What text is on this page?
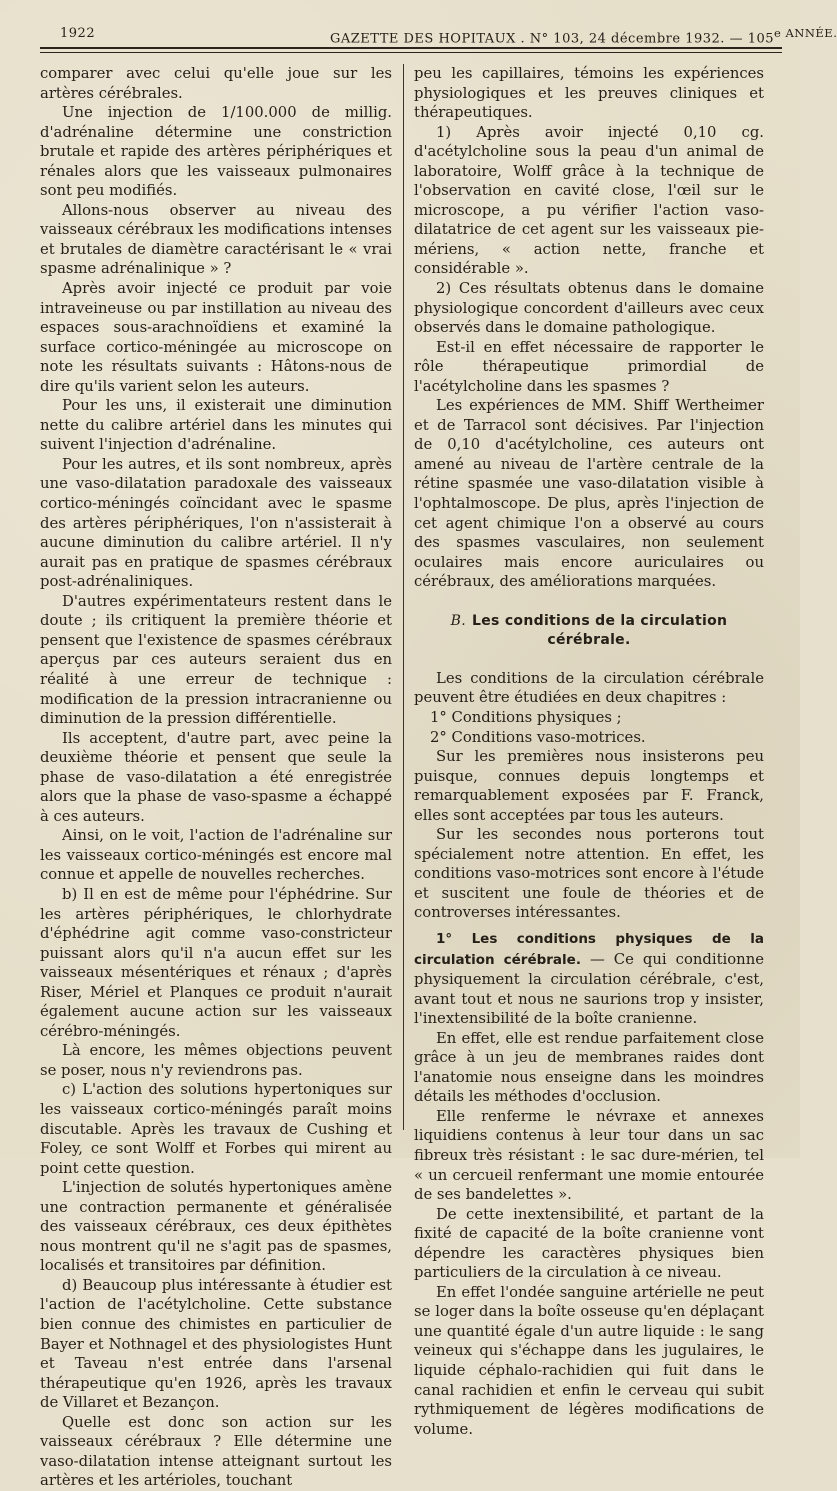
1922	GAZETTE DES HOPITAUX . N° 103, 24 décembre 1932. — $105^{e ANNÉE.}$

comparer avec celui qu'elle joue sur les artères cérébrales.

Une injection de 1/100.000 de millig. d'adrénaline détermine une constriction brutale et rapide des artères périphériques et rénales alors que les vaisseaux pulmonaires sont peu modifiés.

Allons-nous observer au niveau des vaisseaux cérébraux les modifications intenses et brutales de diamètre caractérisant le « vrai spasme adrénalinique » ?

Après avoir injecté ce produit par voie intraveineuse ou par instillation au niveau des espaces sous-arachnoïdiens et examiné la surface cortico-méningée au microscope on note les résultats suivants : Hâtons-nous de dire qu'ils varient selon les auteurs.

Pour les uns, il existerait une diminution nette du calibre artériel dans les minutes qui suivent l'injection d'adrénaline.

Pour les autres, et ils sont nombreux, après une vaso-dilatation paradoxale des vaisseaux cortico-méningés coïncidant avec le spasme des artères périphériques, l'on n'assisterait à aucune diminution du calibre artériel. Il n'y aurait pas en pratique de spasmes cérébraux post-adrénaliniques.

D'autres expérimentateurs restent dans le doute ; ils critiquent la première théorie et pensent que l'existence de spasmes cérébraux aperçus par ces auteurs seraient dus en réalité à une erreur de technique : modification de la pression intracranienne ou diminution de la pression différentielle.

Ils acceptent, d'autre part, avec peine la deuxième théorie et pensent que seule la phase de vaso-dilatation a été enregistrée alors que la phase de vaso-spasme a échappé à ces auteurs.

Ainsi, on le voit, l'action de l'adrénaline sur les vaisseaux cortico-méningés est encore mal connue et appelle de nouvelles recherches.

b) Il en est de même pour l'éphédrine. Sur les artères périphériques, le chlorhydrate d'éphédrine agit comme vaso-constricteur puissant alors qu'il n'a aucun effet sur les vaisseaux mésentériques et rénaux ; d'après Riser, Mériel et Planques ce produit n'aurait également aucune action sur les vaisseaux cérébro-méningés.

Là encore, les mêmes objections peuvent se poser, nous n'y reviendrons pas.

c) L'action des solutions hypertoniques sur les vaisseaux cortico-méningés paraît moins discutable. Après les travaux de Cushing et Foley, ce sont Wolff et Forbes qui mirent au point cette question.

L'injection de solutés hypertoniques amène une contraction permanente et généralisée des vaisseaux cérébraux, ces deux épithètes nous montrent qu'il ne s'agit pas de spasmes, localisés et transitoires par définition.

d) Beaucoup plus intéressante à étudier est l'action de l'acétylcholine. Cette substance bien connue des chimistes en particulier de Bayer et Nothnagel et des physiologistes Hunt et Taveau n'est entrée dans l'arsenal thérapeutique qu'en 1926, après les travaux de Villaret et Bezançon.

Quelle est donc son action sur les vaisseaux cérébraux ? Elle détermine une vaso-dilatation intense atteignant surtout les artères et les artérioles, touchant

peu les capillaires, témoins les expériences physiologiques et les preuves cliniques et thérapeutiques.

1) Après avoir injecté 0,10 cg. d'acétylcholine sous la peau d'un animal de laboratoire, Wolff grâce à la technique de l'observation en cavité close, l'œil sur le microscope, a pu vérifier l'action vaso-dilatatrice de cet agent sur les vaisseaux pie-mériens, « action nette, franche et considérable ».

2) Ces résultats obtenus dans le domaine physiologique concordent d'ailleurs avec ceux observés dans le domaine pathologique.

Est-il en effet nécessaire de rapporter le rôle thérapeutique primordial de l'acétylcholine dans les spasmes ?

Les expériences de MM. Shiff Wertheimer et de Tarracol sont décisives. Par l'injection de 0,10 d'acétylcholine, ces auteurs ont amené au niveau de l'artère centrale de la rétine spasmée une vaso-dilatation visible à l'ophtalmoscope. De plus, après l'injection de cet agent chimique l'on a observé au cours des spasmes vasculaires, non seulement oculaires mais encore auriculaires ou cérébraux, des améliorations marquées.

B. Les conditions de la circulation cérébrale.

Les conditions de la circulation cérébrale peuvent être étudiées en deux chapitres :

1° Conditions physiques ;

2° Conditions vaso-motrices.

Sur les premières nous insisterons peu puisque, connues depuis longtemps et remarquablement exposées par F. Franck, elles sont acceptées par tous les auteurs.

Sur les secondes nous porterons tout spécialement notre attention. En effet, les conditions vaso-motrices sont encore à l'étude et suscitent une foule de théories et de controverses intéressantes.

1° Les conditions physiques de la circulation cérébrale. — Ce qui conditionne physiquement la circulation cérébrale, c'est, avant tout et nous ne saurions trop y insister, l'inextensibilité de la boîte cranienne.

En effet, elle est rendue parfaitement close grâce à un jeu de membranes raides dont l'anatomie nous enseigne dans les moindres détails les méthodes d'occlusion.

Elle renferme le névraxe et annexes liquidiens contenus à leur tour dans un sac fibreux très résistant : le sac dure-mérien, tel « un cercueil renfermant une momie entourée de ses bandelettes ».

De cette inextensibilité, et partant de la fixité de capacité de la boîte cranienne vont dépendre les caractères physiques bien particuliers de la circulation à ce niveau.

En effet l'ondée sanguine artérielle ne peut se loger dans la boîte osseuse qu'en déplaçant une quantité égale d'un autre liquide : le sang veineux qui s'échappe dans les jugulaires, le liquide céphalo-rachidien qui fuit dans le canal rachidien et enfin le cerveau qui subit rythmiquement de légères modifications de volume.
